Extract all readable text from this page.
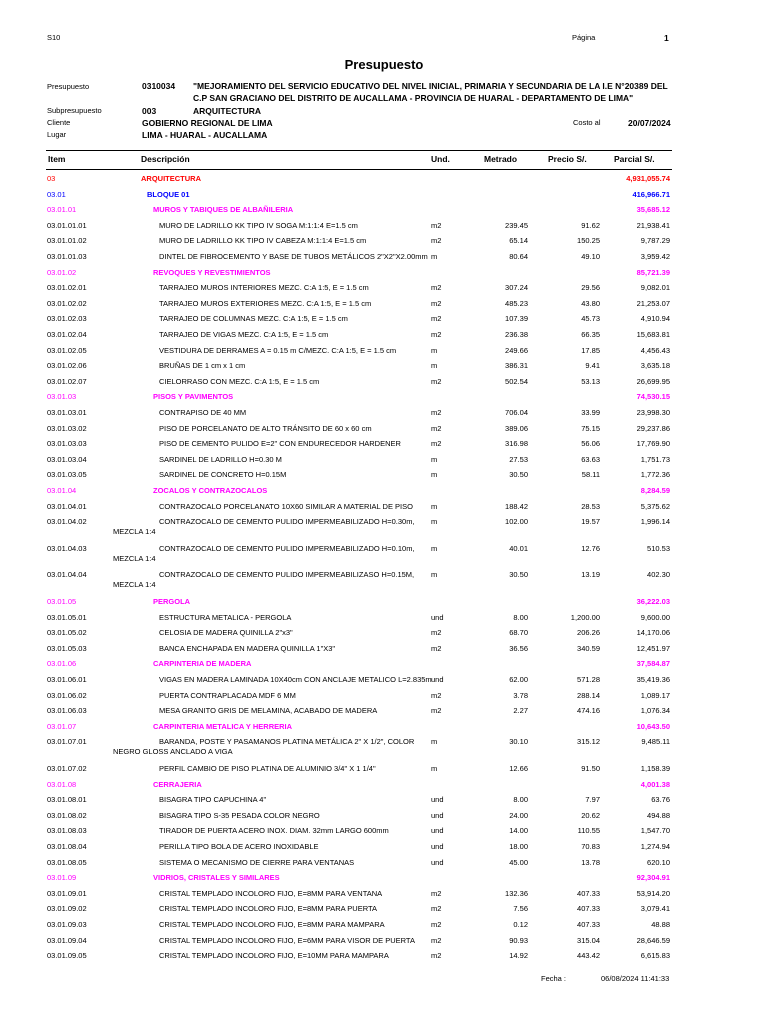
S10	Página	1
Presupuesto
Presupuesto	0310034 "MEJORAMIENTO DEL SERVICIO EDUCATIVO DEL NIVEL INICIAL, PRIMARIA Y SECUNDARIA DE LA I.E N°20389 DEL
C.P SAN GRACIANO DEL DISTRITO DE AUCALLAMA - PROVINCIA DE HUARAL - DEPARTAMENTO DE LIMA"
Subpresupuesto	003	ARQUITECTURA
Cliente	GOBIERNO REGIONAL DE LIMA	Costo al	20/07/2024
Lugar	LIMA - HUARAL - AUCALLAMA
Item	Descripción	Und.	Metrado	Precio S/.	Parcial S/.
03	ARQUITECTURA	4,931,055.74
03.01	BLOQUE 01	416,966.71
03.01.01	MUROS Y TABIQUES DE ALBAÑILERIA	35,685.12
03.01.01.01	MURO DE LADRILLO KK TIPO IV SOGA M:1:1:4 E=1.5 cm	m2	239.45	91.62	21,938.41
03.01.01.02	MURO DE LADRILLO KK TIPO IV CABEZA M:1:1:4 E=1.5 cm	m2	65.14	150.25	9,787.29
03.01.01.03	DINTEL DE FIBROCEMENTO Y BASE DE TUBOS METÁLICOS 2"X2"X2.00mm m	80.64	49.10	3,959.42
03.01.02	REVOQUES Y REVESTIMIENTOS	85,721.39
03.01.02.01	TARRAJEO MUROS INTERIORES MEZC. C:A 1:5, E = 1.5 cm	m2	307.24	29.56	9,082.01
03.01.02.02	TARRAJEO MUROS EXTERIORES MEZC. C:A 1:5, E = 1.5 cm	m2	485.23	43.80	21,253.07
03.01.02.03	TARRAJEO DE COLUMNAS MEZC. C:A 1:5, E = 1.5 cm	m2	107.39	45.73	4,910.94
03.01.02.04	TARRAJEO DE VIGAS MEZC. C:A 1:5, E = 1.5 cm	m2	236.38	66.35	15,683.81
03.01.02.05	VESTIDURA DE DERRAMES A = 0.15 m C/MEZC. C:A 1:5, E = 1.5 cm	m	249.66	17.85	4,456.43
03.01.02.06	BRUÑAS DE 1 cm x 1 cm	m	386.31	9.41	3,635.18
03.01.02.07	CIELORRASO CON MEZC. C:A 1:5, E = 1.5 cm	m2	502.54	53.13	26,699.95
03.01.03	PISOS Y PAVIMENTOS	74,530.15
03.01.03.01	CONTRAPISO DE 40 MM	m2	706.04	33.99	23,998.30
03.01.03.02	PISO DE PORCELANATO DE ALTO TRÁNSITO DE 60 x 60 cm	m2	389.06	75.15	29,237.86
03.01.03.03	PISO DE CEMENTO PULIDO E=2" CON ENDURECEDOR HARDENER	m2	316.98	56.06	17,769.90
03.01.03.04	SARDINEL DE LADRILLO H=0.30 M	m	27.53	63.63	1,751.73
03.01.03.05	SARDINEL DE CONCRETO H=0.15M	m	30.50	58.11	1,772.36
03.01.04	ZOCALOS Y CONTRAZOCALOS	8,284.59
03.01.04.01	CONTRAZOCALO PORCELANATO 10X60 SIMILAR A MATERIAL DE PISO m	188.42	28.53	5,375.62
03.01.04.02	CONTRAZOCALO DE CEMENTO PULIDO IMPERMEABILIZADO H=0.30m,
MEZCLA 1:4
m	102.00	19.57	1,996.14
03.01.04.03	CONTRAZOCALO DE CEMENTO PULIDO IMPERMEABILIZADO H=0.10m,
MEZCLA 1:4
m	40.01	12.76	510.53
03.01.04.04	CONTRAZOCALO DE CEMENTO PULIDO IMPERMEABILIZASO H=0.15M,
MEZCLA 1:4
m	30.50	13.19	402.30
03.01.05	PERGOLA	36,222.03
03.01.05.01	ESTRUCTURA METALICA - PERGOLA	und	8.00	1,200.00	9,600.00
03.01.05.02	CELOSIA DE MADERA QUINILLA 2"x3"	m2	68.70	206.26	14,170.06
03.01.05.03	BANCA ENCHAPADA EN MADERA QUINILLA 1"X3"	m2	36.56	340.59	12,451.97
03.01.06	CARPINTERIA DE MADERA	37,584.87
03.01.06.01	VIGAS EN MADERA LAMINADA 10X40cm CON ANCLAJE METALICO L=2.835m und	62.00	571.28	35,419.36
03.01.06.02	PUERTA CONTRAPLACADA MDF 6 MM	m2	3.78	288.14	1,089.17
03.01.06.03	MESA GRANITO GRIS DE MELAMINA, ACABADO DE MADERA	m2	2.27	474.16	1,076.34
03.01.07	CARPINTERIA METALICA Y HERRERIA	10,643.50
03.01.07.01	BARANDA, POSTE Y PASAMANOS PLATINA METÁLICA 2" X 1/2", COLOR
NEGRO GLOSS ANCLADO A VIGA
m	30.10	315.12	9,485.11
03.01.07.02	PERFIL CAMBIO DE PISO PLATINA DE ALUMINIO 3/4" X 1 1/4"	m	12.66	91.50	1,158.39
03.01.08	CERRAJERIA	4,001.38
03.01.08.01	BISAGRA TIPO CAPUCHINA 4"	und	8.00	7.97	63.76
03.01.08.02	BISAGRA TIPO S-35 PESADA COLOR NEGRO	und	24.00	20.62	494.88
03.01.08.03	TIRADOR DE PUERTA ACERO INOX. DIAM. 32mm LARGO 600mm	und	14.00	110.55	1,547.70
03.01.08.04	PERILLA TIPO BOLA DE ACERO INOXIDABLE	und	18.00	70.83	1,274.94
03.01.08.05	SISTEMA O MECANISMO DE CIERRE PARA VENTANAS	und	45.00	13.78	620.10
03.01.09	VIDRIOS, CRISTALES Y SIMILARES	92,304.91
03.01.09.01	CRISTAL TEMPLADO INCOLORO FIJO, E=8MM PARA VENTANA	m2	132.36	407.33	53,914.20
03.01.09.02	CRISTAL TEMPLADO INCOLORO FIJO, E=8MM PARA PUERTA	m2	7.56	407.33	3,079.41
03.01.09.03	CRISTAL TEMPLADO INCOLORO FIJO, E=8MM PARA MAMPARA	m2	0.12	407.33	48.88
03.01.09.04	CRISTAL TEMPLADO INCOLORO FIJO, E=6MM PARA VISOR DE PUERTA m2	90.93	315.04	28,646.59
03.01.09.05	CRISTAL TEMPLADO INCOLORO FIJO, E=10MM PARA MAMPARA	m2	14.92	443.42	6,615.83
Fecha :	06/08/2024 11:41:33
